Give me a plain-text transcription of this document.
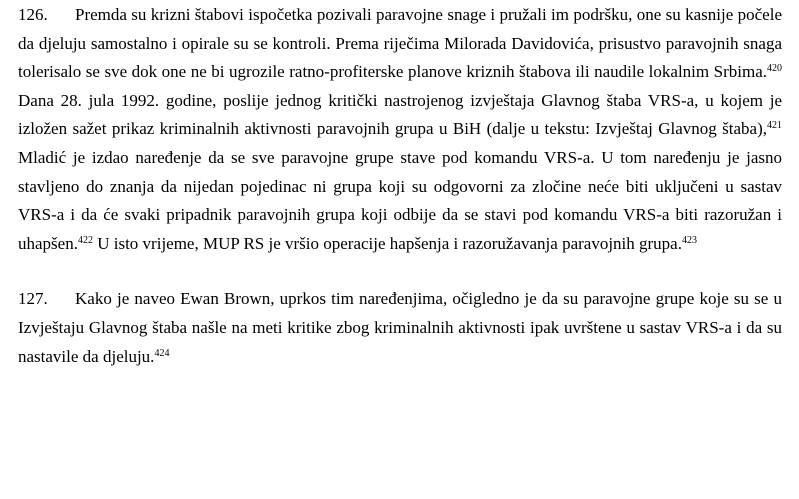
126. Premda su krizni štabovi ispočetka pozivali paravojne snage i pružali im podršku, one su kasnije počele da djeluju samostalno i opirale su se kontroli. Prema riječima Milorada Davidovića, prisustvo paravojnih snaga tolerisalo se sve dok one ne bi ugrozile ratno-profiterske planove kriznih štabova ili naudile lokalnim Srbima.$^{420}$ Dana 28. jula 1992. godine, poslije jednog kritički nastrojenog izvještaja Glavnog štaba VRS-a, u kojem je izložen sažet prikaz kriminalnih aktivnosti paravojnih grupa u BiH (dalje u tekstu: Izvještaj Glavnog štaba),$^{421}$ Mladić je izdao naređenje da se sve paravojne grupe stave pod komandu VRS-a. U tom naređenju je jasno stavljeno do znanja da nijedan pojedinac ni grupa koji su odgovorni za zločine neće biti uključeni u sastav VRS-a i da će svaki pripadnik paravojnih grupa koji odbije da se stavi pod komandu VRS-a biti razoružan i uhapšen.$^{422}$ U isto vrijeme, MUP RS je vršio operacije hapšenja i razoružavanja paravojnih grupa.$^{423}$

127. Kako je naveo Ewan Brown, uprkos tim naređenjima, očigledno je da su paravojne grupe koje su se u Izvještaju Glavnog štaba našle na meti kritike zbog kriminalnih aktivnosti ipak uvrštene u sastav VRS-a i da su nastavile da djeluju.$^{424}$
